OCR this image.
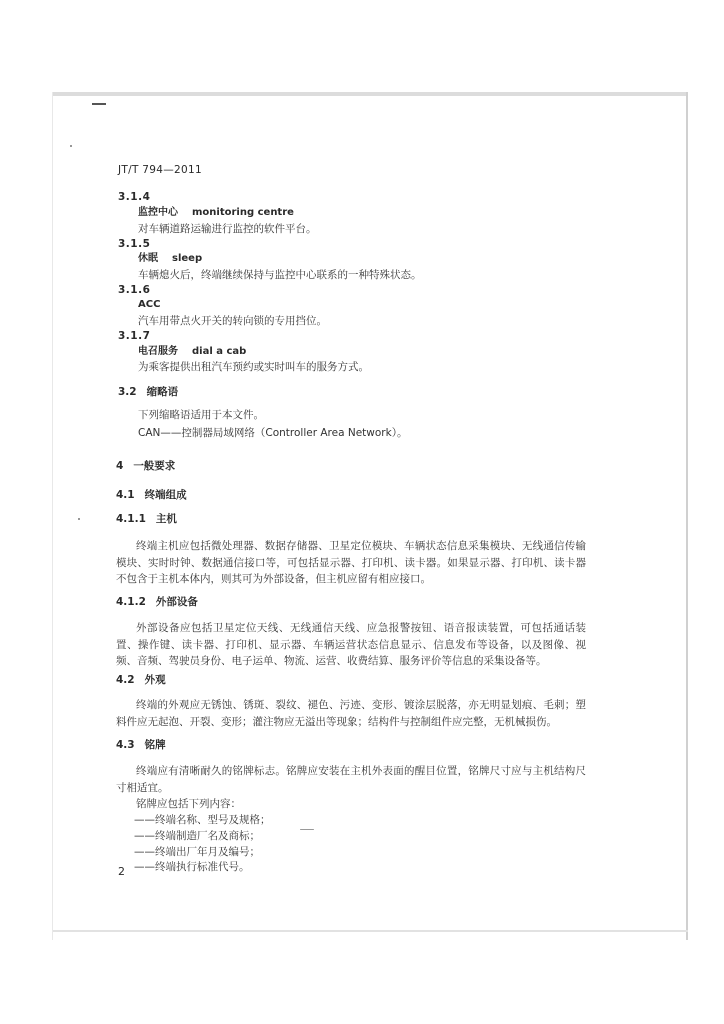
JT/T 794—2011
3.1.4
监控中心 monitoring centre
对车辆道路运输进行监控的软件平台。
3.1.5
休眠 sleep
车辆熄火后，终端继续保持与监控中心联系的一种特殊状态。
3.1.6
ACC
汽车用带点火开关的转向锁的专用挡位。
3.1.7
电召服务 dial a cab
为乘客提供出租汽车预约或实时叫车的服务方式。
3.2 缩略语
下列缩略语适用于本文件。
CAN——控制器局域网络（Controller Area Network）。
4 一般要求
4.1 终端组成
4.1.1 主机
终端主机应包括微处理器、数据存储器、卫星定位模块、车辆状态信息采集模块、无线通信传输模块、实时时钟、数据通信接口等，可包括显示器、打印机、读卡器。如果显示器、打印机、读卡器不包含于主机本体内，则其可为外部设备，但主机应留有相应接口。
4.1.2 外部设备
外部设备应包括卫星定位天线、无线通信天线、应急报警按钮、语音报读装置，可包括通话装置、操作键、读卡器、打印机、显示器、车辆运营状态信息显示、信息发布等设备，以及图像、视频、音频、驾驶员身份、电子运单、物流、运营、收费结算、服务评价等信息的采集设备等。
4.2 外观
终端的外观应无锈蚀、锈斑、裂纹、褪色、污迹、变形、镀涂层脱落，亦无明显划痕、毛刺；塑料件应无起泡、开裂、变形；灌注物应无溢出等现象；结构件与控制组件应完整，无机械损伤。
4.3 铭牌
终端应有清晰耐久的铭牌标志。铭牌应安装在主机外表面的醒目位置，铭牌尺寸应与主机结构尺寸相适宜。
铭牌应包括下列内容：
——终端名称、型号及规格；
——终端制造厂名及商标；
——终端出厂年月及编号；
——终端执行标准代号。
2
